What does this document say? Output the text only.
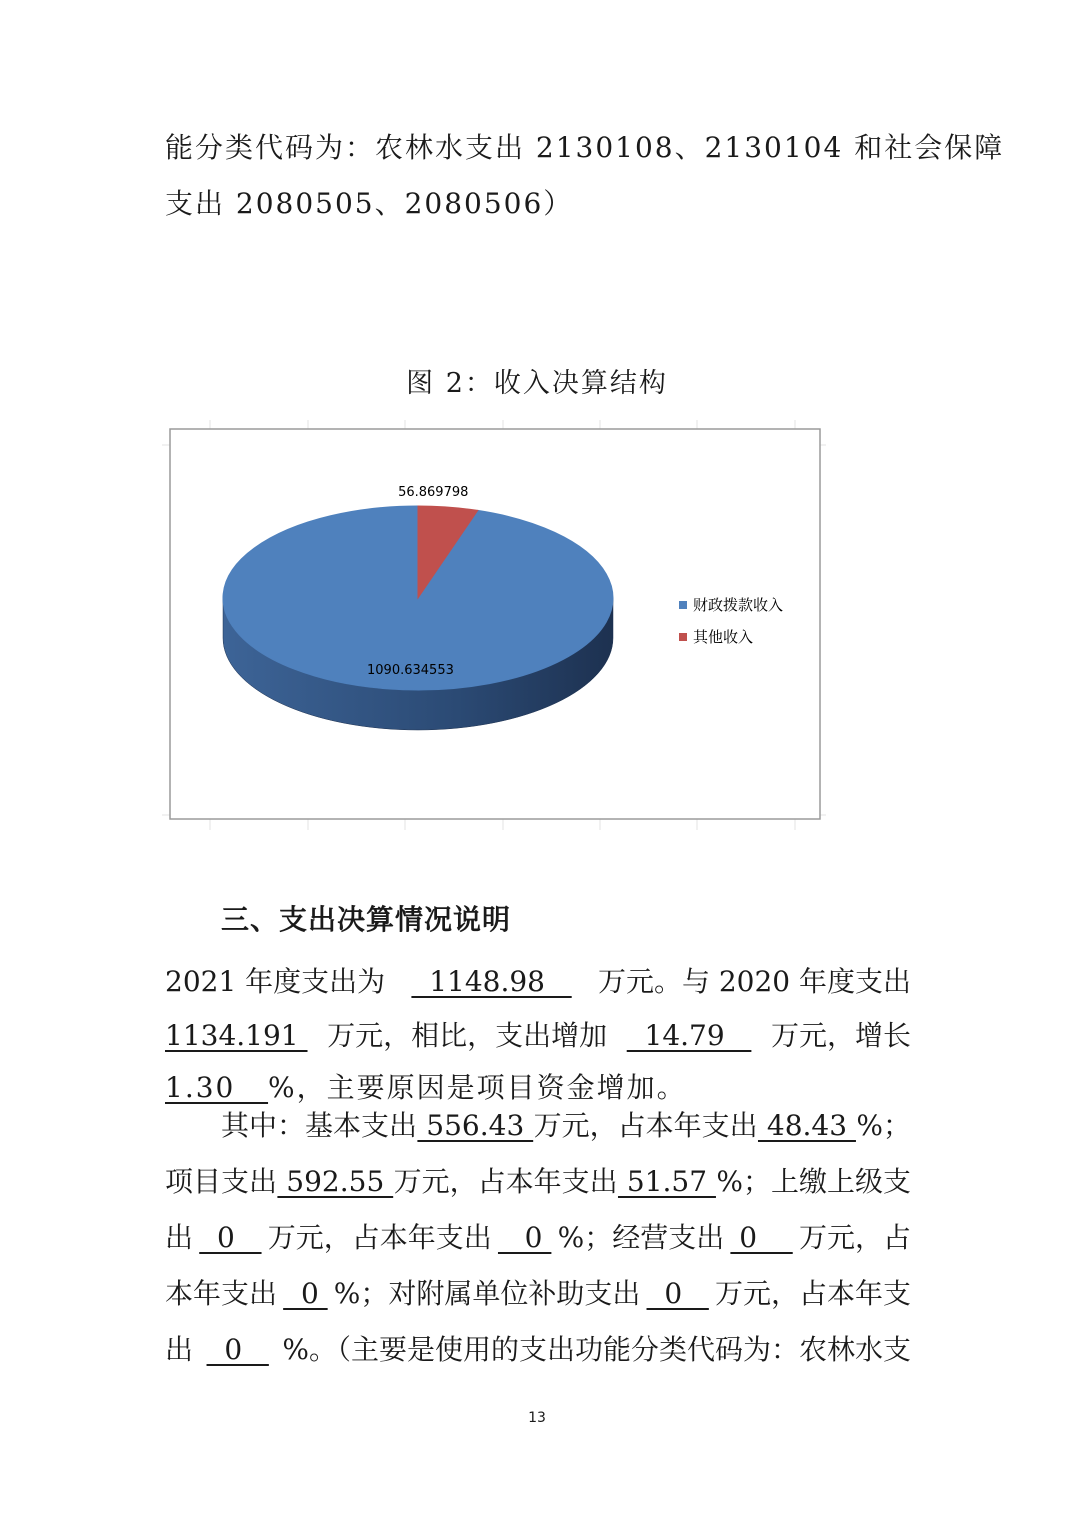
能分类代码为：农林水支出 2130108、2130104 和社会保障
支出 2080505、2080506）
图 2：收入决算结构
1090.634553
56.869798
财政拨款收入
其他收入
三、支出决算情况说明
2021 年度支出为 1148.98 万元。与 2020 年度支出
1134.191 万元，相比，支出增加 14.79 万元，增长
1.30   %，主要原因是项目资金增加。
其中：基本支出 556.43 万元，占本年支出 48.43 %；
项目支出 592.55 万元，占本年支出 51.57 %；上缴上级支
出 0 万元，占本年支出 0 %；经营支出 0 万元，占
本年支出 0 %；对附属单位补助支出 0 万元，占本年支
出 0 %。（主要是使用的支出功能分类代码为：农林水支
13
